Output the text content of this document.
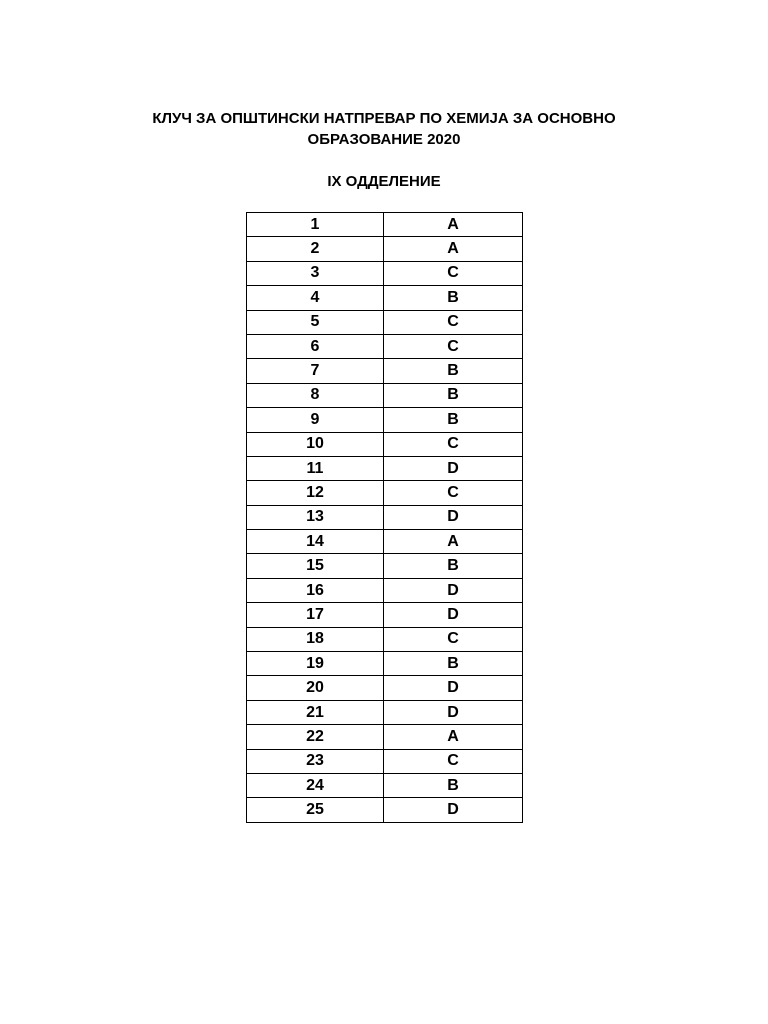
КЛУЧ ЗА ОПШТИНСКИ НАТПРЕВАР ПО ХЕМИЈА ЗА ОСНОВНО
ОБРАЗОВАНИЕ 2020
IX ОДДЕЛЕНИЕ
1	A
2	A
3	C
4	B
5	C
6	C
7	B
8	B
9	B
10	C
11	D
12	C
13	D
14	A
15	B
16	D
17	D
18	C
19	B
20	D
21	D
22	A
23	C
24	B
25	D
